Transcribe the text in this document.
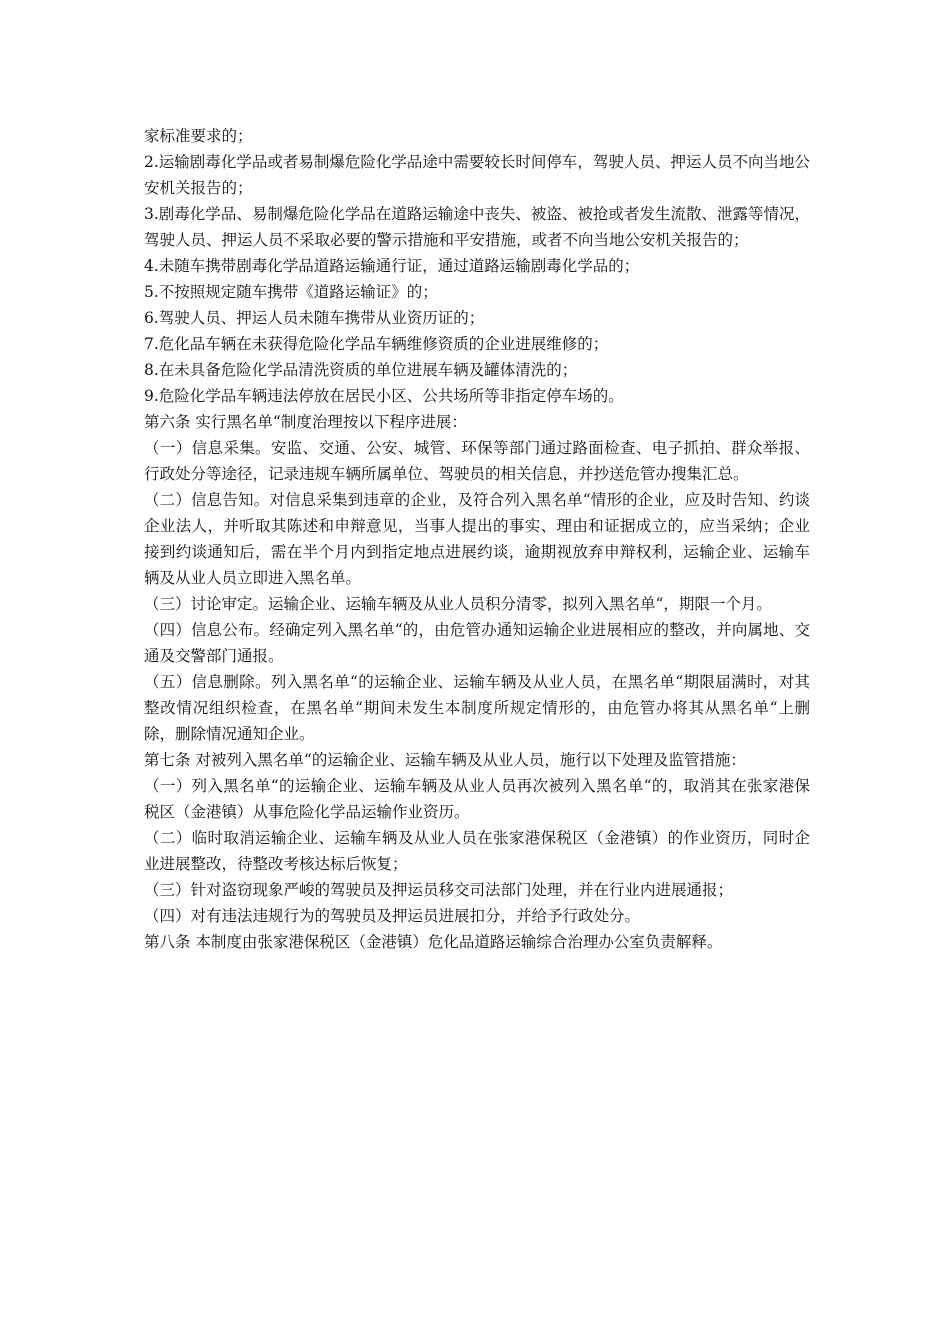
家标准要求的；

2.运输剧毒化学品或者易制爆危险化学品途中需要较长时间停车，驾驶人员、押运人员不向当地公安机关报告的；

3.剧毒化学品、易制爆危险化学品在道路运输途中丧失、被盗、被抢或者发生流散、泄露等情况，驾驶人员、押运人员不采取必要的警示措施和平安措施，或者不向当地公安机关报告的；

4.未随车携带剧毒化学品道路运输通行证，通过道路运输剧毒化学品的；

5.不按照规定随车携带《道路运输证》的；

6.驾驶人员、押运人员未随车携带从业资历证的；

7.危化品车辆在未获得危险化学品车辆维修资质的企业进展维修的；

8.在未具备危险化学品清洗资质的单位进展车辆及罐体清洗的；

9.危险化学品车辆违法停放在居民小区、公共场所等非指定停车场的。

第六条 实行黑名单“制度治理按以下程序进展：

（一）信息采集。安监、交通、公安、城管、环保等部门通过路面检查、电子抓拍、群众举报、行政处分等途径，记录违规车辆所属单位、驾驶员的相关信息，并抄送危管办搜集汇总。

（二）信息告知。对信息采集到违章的企业，及符合列入黑名单“情形的企业，应及时告知、约谈企业法人，并听取其陈述和申辩意见，当事人提出的事实、理由和证据成立的，应当采纳；企业接到约谈通知后，需在半个月内到指定地点进展约谈，逾期视放弃申辩权利，运输企业、运输车辆及从业人员立即进入黑名单。

（三）讨论审定。运输企业、运输车辆及从业人员积分清零，拟列入黑名单“，期限一个月。

（四）信息公布。经确定列入黑名单“的，由危管办通知运输企业进展相应的整改，并向属地、交通及交警部门通报。

（五）信息删除。列入黑名单“的运输企业、运输车辆及从业人员，在黑名单“期限届满时，对其整改情况组织检查，在黑名单“期间未发生本制度所规定情形的，由危管办将其从黑名单“上删除，删除情况通知企业。

第七条 对被列入黑名单“的运输企业、运输车辆及从业人员，施行以下处理及监管措施：

（一）列入黑名单“的运输企业、运输车辆及从业人员再次被列入黑名单“的，取消其在张家港保税区（金港镇）从事危险化学品运输作业资历。

（二）临时取消运输企业、运输车辆及从业人员在张家港保税区（金港镇）的作业资历，同时企业进展整改，待整改考核达标后恢复；

（三）针对盗窃现象严峻的驾驶员及押运员移交司法部门处理，并在行业内进展通报；

（四）对有违法违规行为的驾驶员及押运员进展扣分，并给予行政处分。

第八条 本制度由张家港保税区（金港镇）危化品道路运输综合治理办公室负责解释。
